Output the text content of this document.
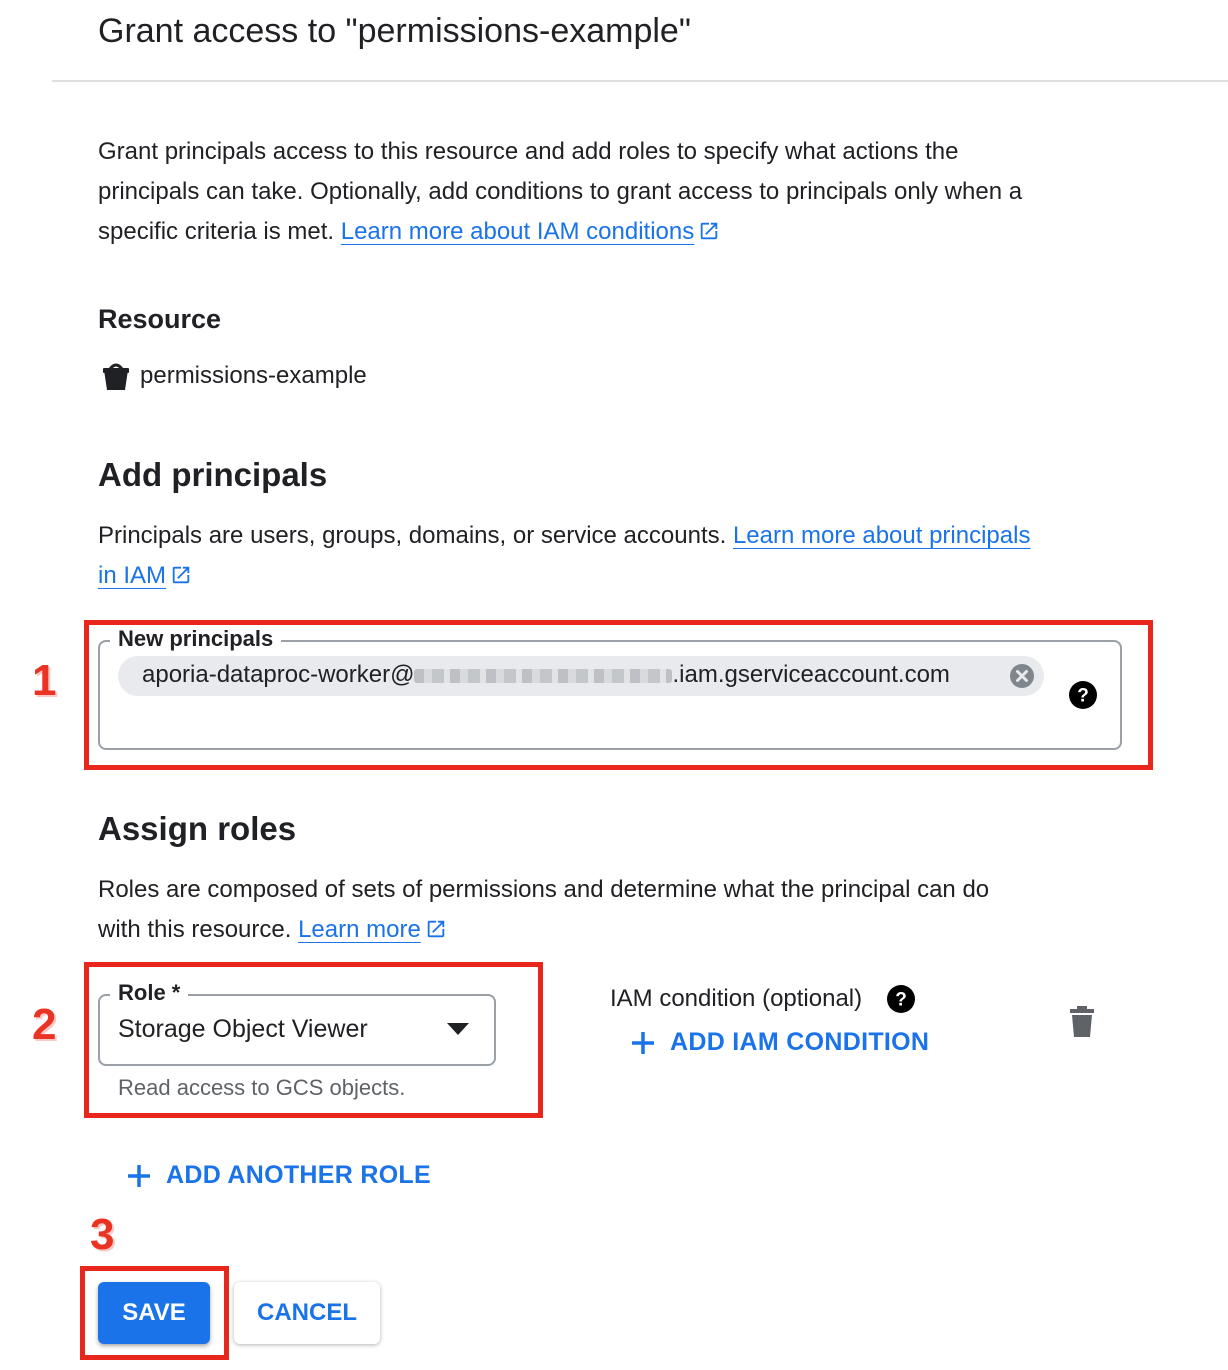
Grant access to "permissions-example"
Grant principals access to this resource and add roles to specify what actions the
principals can take. Optionally, add conditions to grant access to principals only when a
specific criteria is met. Learn more about IAM conditions
Resource
permissions-example
Add principals
Principals are users, groups, domains, or service accounts. Learn more about principals
in IAM
1
New principals
aporia-dataproc-worker@	.iam.gserviceaccount.com
?
Assign roles
Roles are composed of sets of permissions and determine what the principal can do
with this resource. Learn more
2
Role *
Storage Object Viewer
Read access to GCS objects.
IAM condition (optional) ?
ADD IAM CONDITION
ADD ANOTHER ROLE
3
SAVE	CANCEL
